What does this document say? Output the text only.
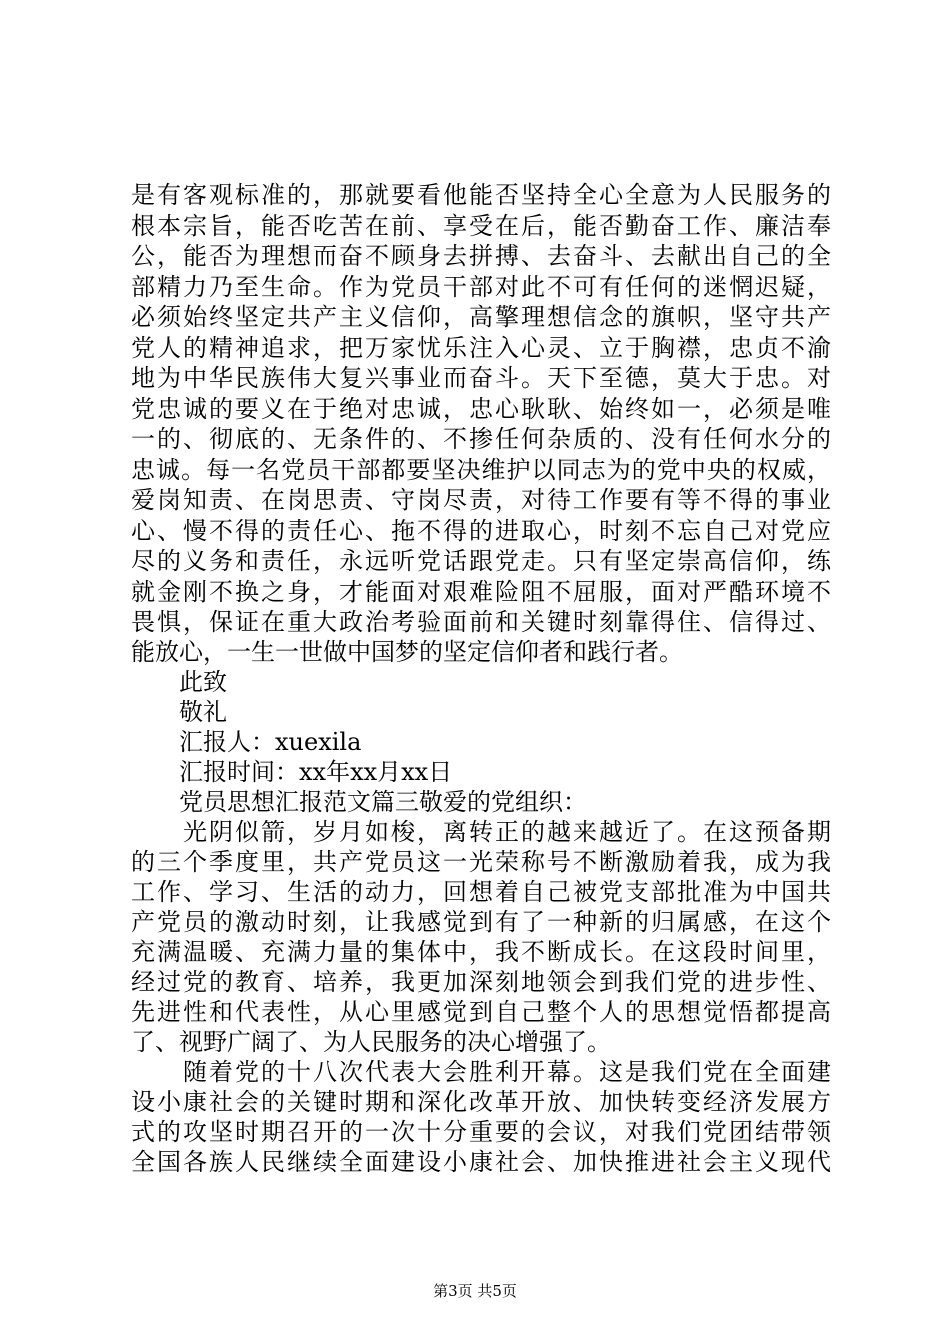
是有客观标准的，那就要看他能否坚持全心全意为人民服务的
根本宗旨，能否吃苦在前、享受在后，能否勤奋工作、廉洁奉
公，能否为理想而奋不顾身去拼搏、去奋斗、去献出自己的全
部精力乃至生命。作为党员干部对此不可有任何的迷惘迟疑，
必须始终坚定共产主义信仰，高擎理想信念的旗帜，坚守共产
党人的精神追求，把万家忧乐注入心灵、立于胸襟，忠贞不渝
地为中华民族伟大复兴事业而奋斗。天下至德，莫大于忠。对
党忠诚的要义在于绝对忠诚，忠心耿耿、始终如一，必须是唯
一的、彻底的、无条件的、不掺任何杂质的、没有任何水分的
忠诚。每一名党员干部都要坚决维护以同志为的党中央的权威，
爱岗知责、在岗思责、守岗尽责，对待工作要有等不得的事业
心、慢不得的责任心、拖不得的进取心，时刻不忘自己对党应
尽的义务和责任，永远听党话跟党走。只有坚定崇高信仰，练
就金刚不换之身，才能面对艰难险阻不屈服，面对严酷环境不
畏惧，保证在重大政治考验面前和关键时刻靠得住、信得过、
能放心，一生一世做中国梦的坚定信仰者和践行者。
　　此致
　　敬礼
　　汇报人：xuexila
　　汇报时间：xx年xx月xx日
　　党员思想汇报范文篇三敬爱的党组织：
　　光阴似箭，岁月如梭，离转正的越来越近了。在这预备期
的三个季度里，共产党员这一光荣称号不断激励着我，成为我
工作、学习、生活的动力，回想着自己被党支部批准为中国共
产党员的激动时刻，让我感觉到有了一种新的归属感，在这个
充满温暖、充满力量的集体中，我不断成长。在这段时间里，
经过党的教育、培养，我更加深刻地领会到我们党的进步性、
先进性和代表性，从心里感觉到自己整个人的思想觉悟都提高
了、视野广阔了、为人民服务的决心增强了。
　　随着党的十八次代表大会胜利开幕。这是我们党在全面建
设小康社会的关键时期和深化改革开放、加快转变经济发展方
式的攻坚时期召开的一次十分重要的会议，对我们党团结带领
全国各族人民继续全面建设小康社会、加快推进社会主义现代
第3页 共5页
